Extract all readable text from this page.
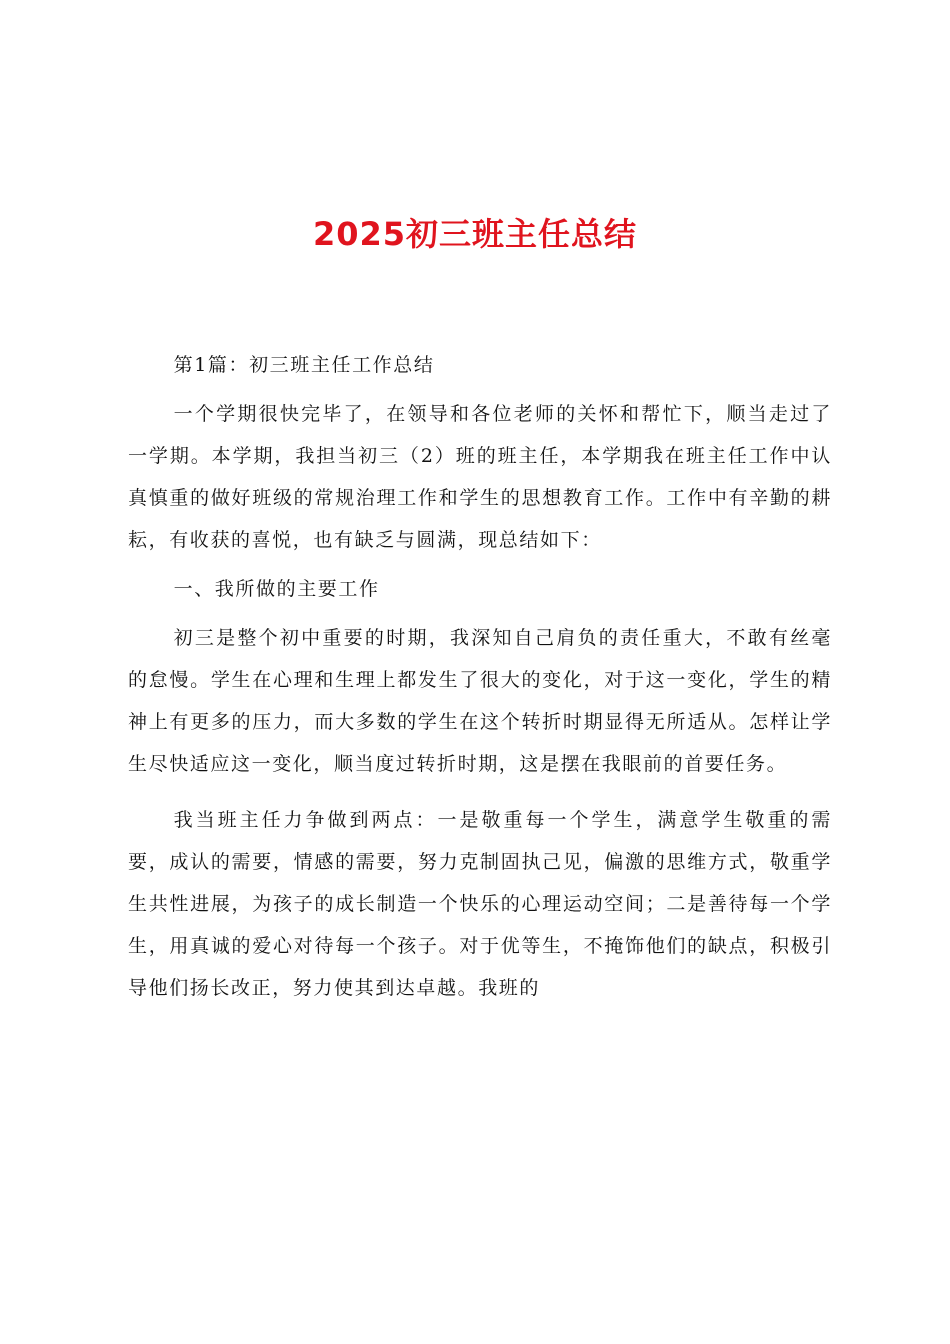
2025初三班主任总结

第1篇：初三班主任工作总结

一个学期很快完毕了，在领导和各位老师的关怀和帮忙下，顺当走过了一学期。本学期，我担当初三（2）班的班主任，本学期我在班主任工作中认真慎重的做好班级的常规治理工作和学生的思想教育工作。工作中有辛勤的耕耘，有收获的喜悦，也有缺乏与圆满，现总结如下：

一、我所做的主要工作

初三是整个初中重要的时期，我深知自己肩负的责任重大，不敢有丝毫的怠慢。学生在心理和生理上都发生了很大的变化，对于这一变化，学生的精神上有更多的压力，而大多数的学生在这个转折时期显得无所适从。怎样让学生尽快适应这一变化，顺当度过转折时期，这是摆在我眼前的首要任务。

我当班主任力争做到两点：一是敬重每一个学生，满意学生敬重的需要，成认的需要，情感的需要，努力克制固执己见，偏激的思维方式，敬重学生共性进展，为孩子的成长制造一个快乐的心理运动空间；二是善待每一个学生，用真诚的爱心对待每一个孩子。对于优等生，不掩饰他们的缺点，积极引导他们扬长改正，努力使其到达卓越。我班的
